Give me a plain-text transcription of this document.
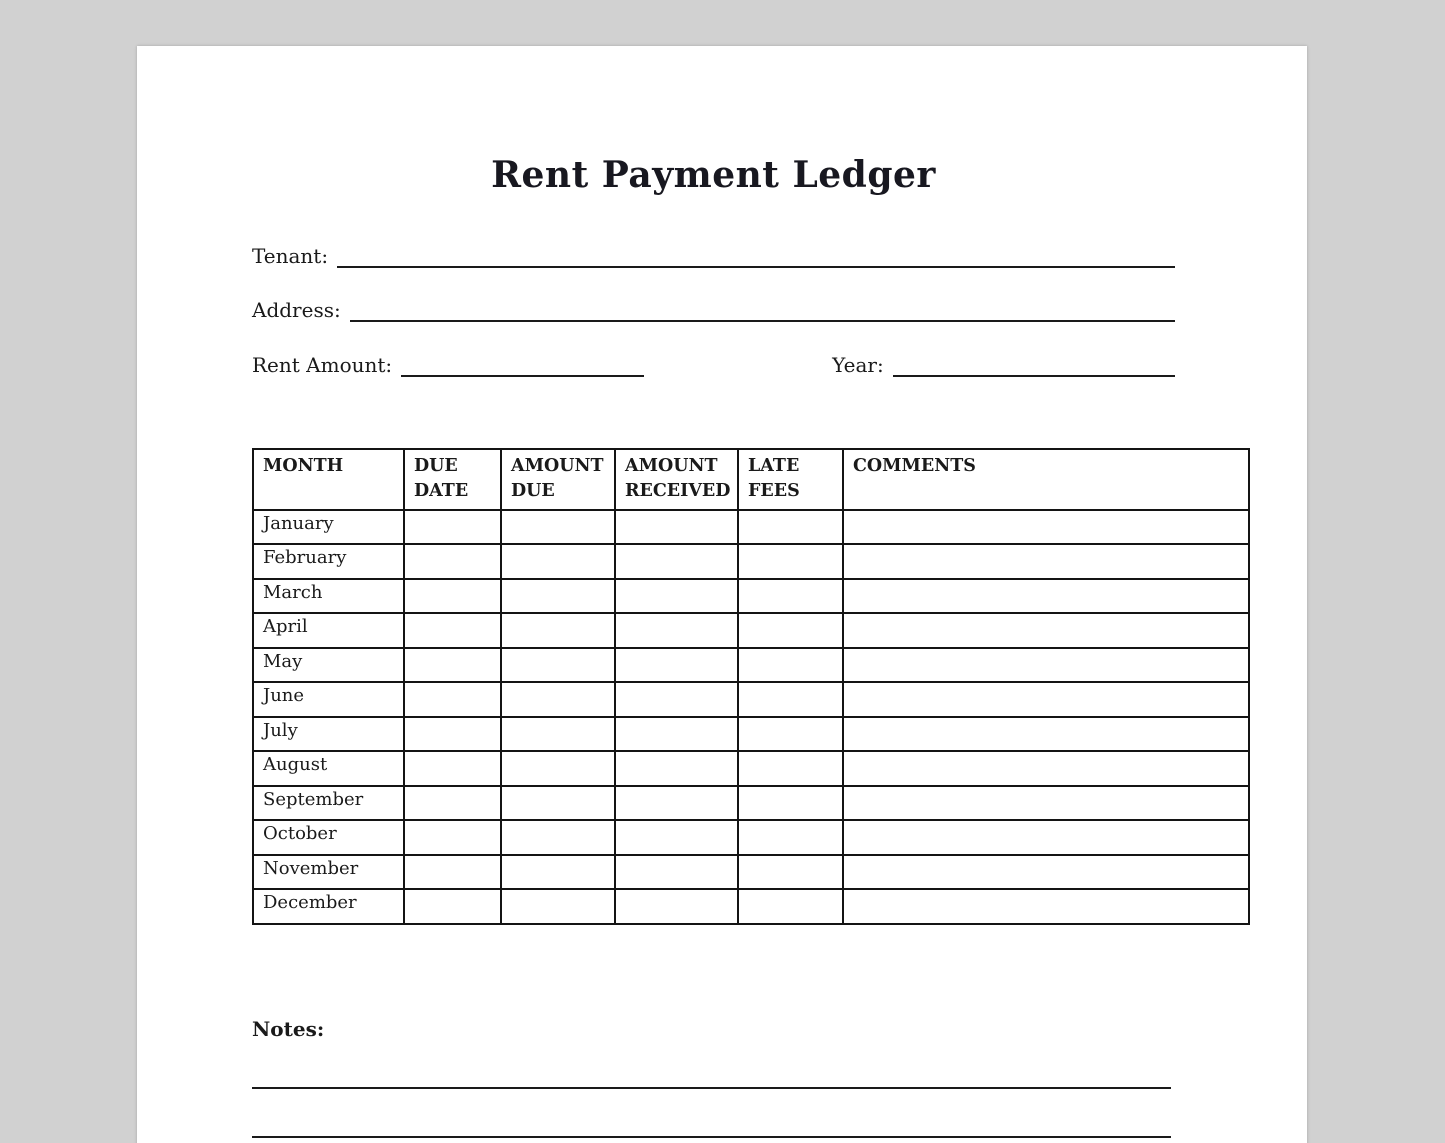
Rent Payment Ledger
Tenant:
Address:
Rent Amount:	Year:
MONTH	DUE DATE	AMOUNT DUE	AMOUNT RECEIVED	LATE FEES	COMMENTS
January					
February					
March					
April					
May					
June					
July					
August					
September					
October					
November					
December					
Notes:
